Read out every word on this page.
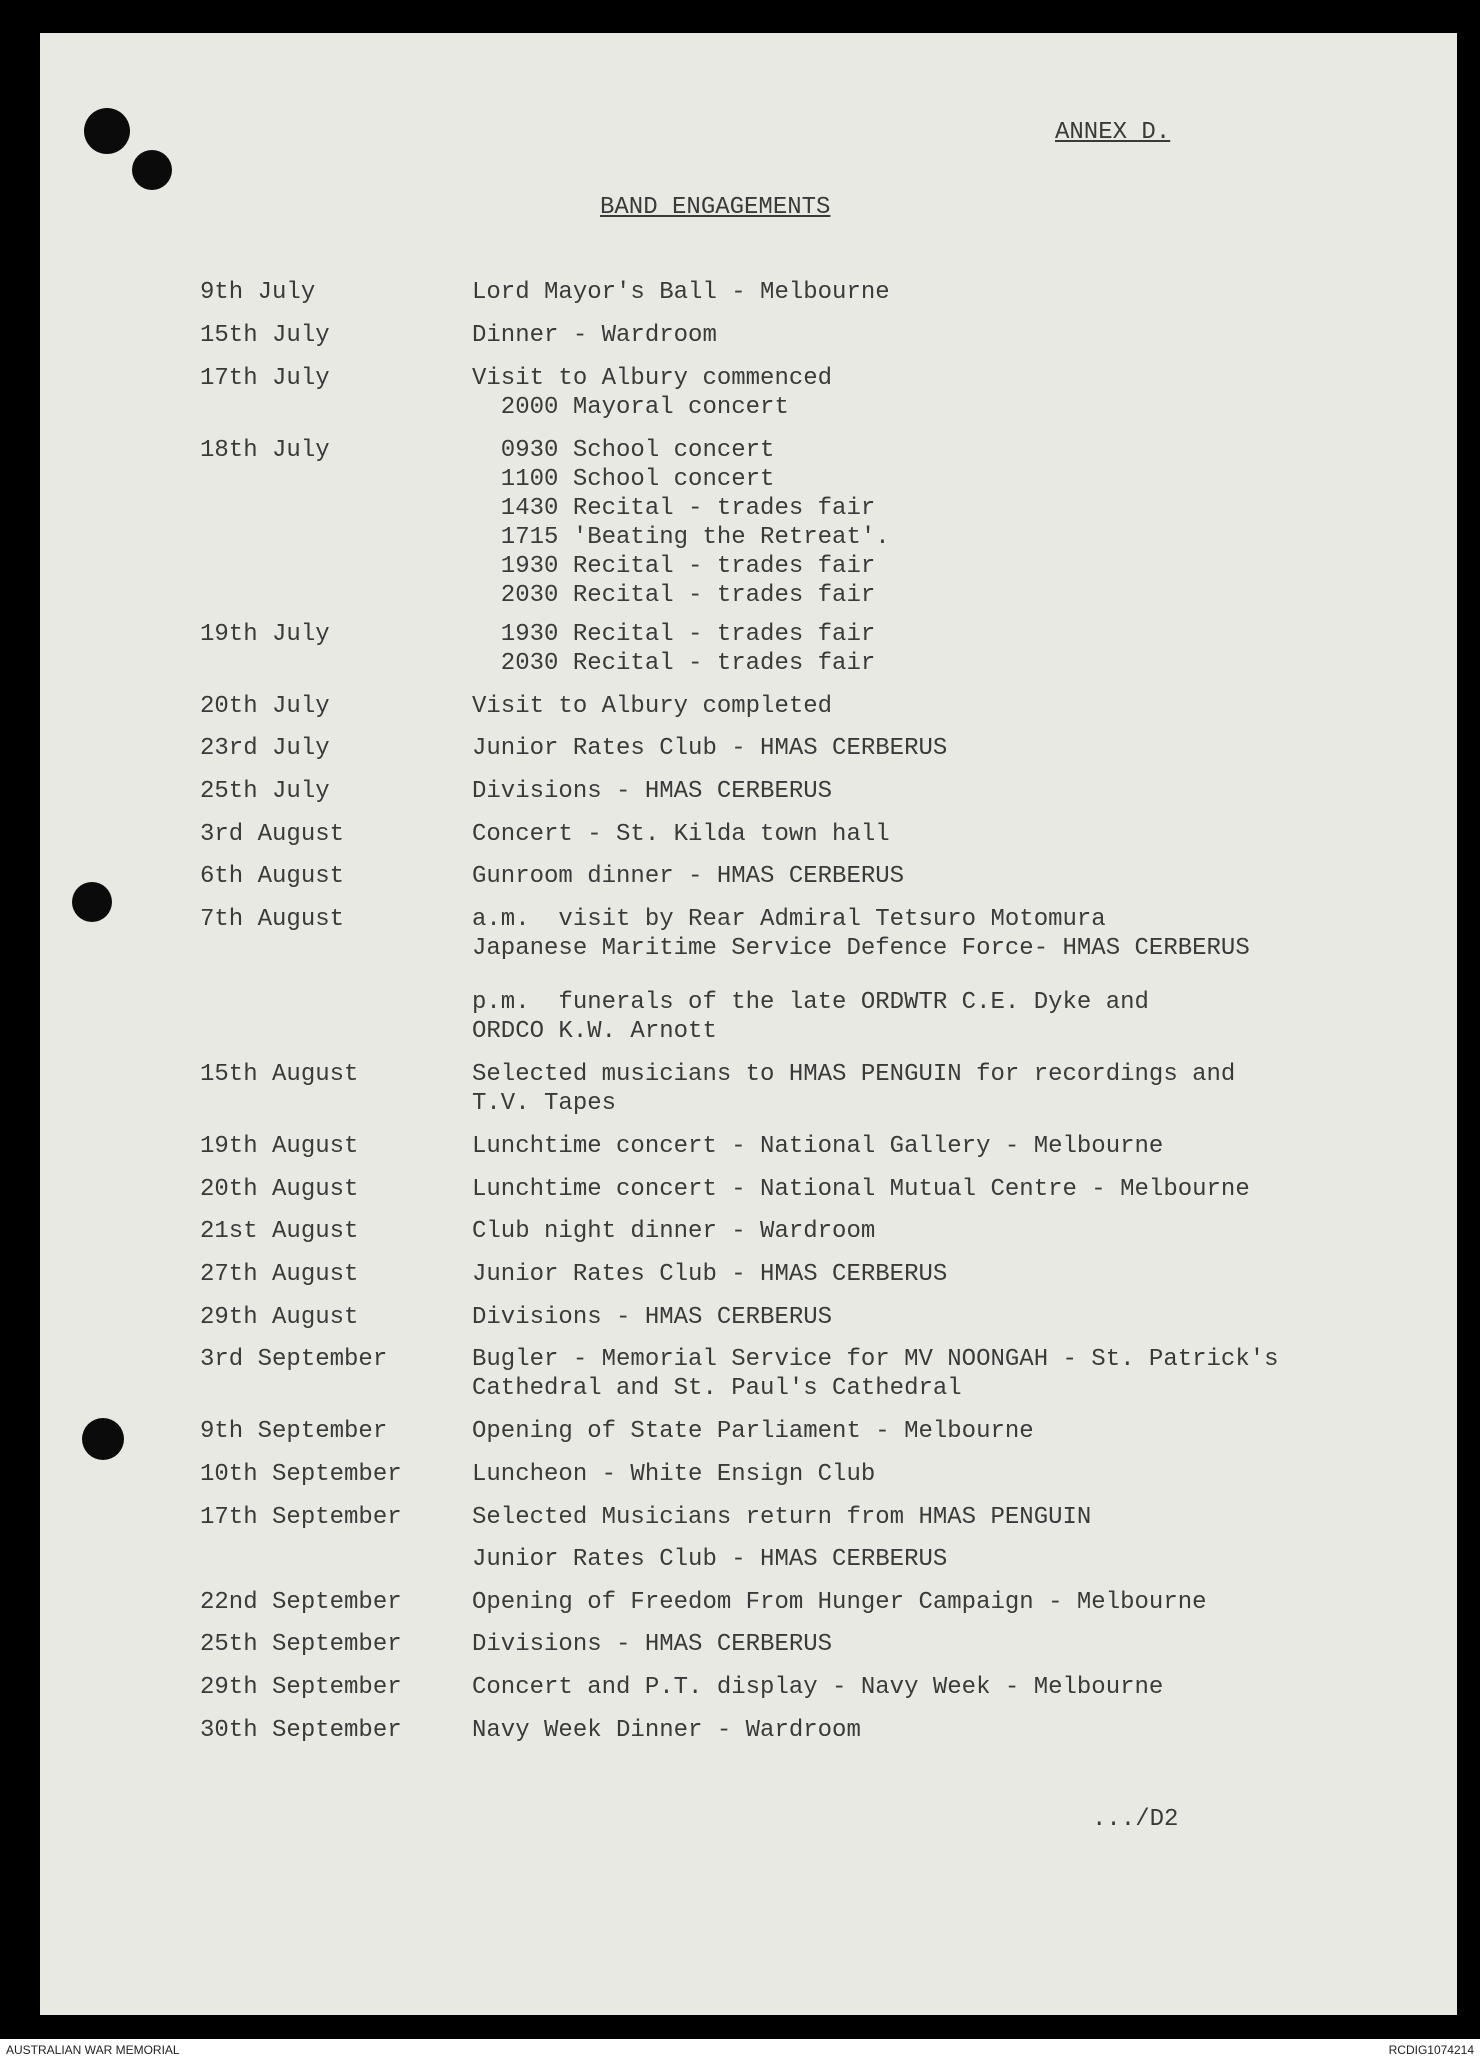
ANNEX D.
BAND ENGAGEMENTS
9th July	Lord Mayor's Ball - Melbourne
15th July	Dinner - Wardroom
17th July	Visit to Albury commenced
2000 Mayoral concert
18th July	0930 School concert
1100 School concert
1430 Recital - trades fair
1715 'Beating the Retreat'.
1930 Recital - trades fair
2030 Recital - trades fair
19th July	1930 Recital - trades fair
2030 Recital - trades fair
20th July	Visit to Albury completed
23rd July	Junior Rates Club - HMAS CERBERUS
25th July	Divisions - HMAS CERBERUS
3rd August	Concert - St. Kilda town hall
6th August	Gunroom dinner - HMAS CERBERUS
7th August	a.m.  visit by Rear Admiral Tetsuro Motomura
Japanese Maritime Service Defence Force- HMAS CERBERUS
p.m.  funerals of the late ORDWTR C.E. Dyke and
ORDCO K.W. Arnott
15th August	Selected musicians to HMAS PENGUIN for recordings and
T.V. Tapes
19th August	Lunchtime concert - National Gallery - Melbourne
20th August	Lunchtime concert - National Mutual Centre - Melbourne
21st August	Club night dinner - Wardroom
27th August	Junior Rates Club - HMAS CERBERUS
29th August	Divisions - HMAS CERBERUS
3rd September	Bugler - Memorial Service for MV NOONGAH - St. Patrick's
Cathedral and St. Paul's Cathedral
9th September	Opening of State Parliament - Melbourne
10th September	Luncheon - White Ensign Club
17th September	Selected Musicians return from HMAS PENGUIN
Junior Rates Club - HMAS CERBERUS
22nd September	Opening of Freedom From Hunger Campaign - Melbourne
25th September	Divisions - HMAS CERBERUS
29th September	Concert and P.T. display - Navy Week - Melbourne
30th September	Navy Week Dinner - Wardroom
.../D2
AUSTRALIAN WAR MEMORIAL	RCDIG1074214
